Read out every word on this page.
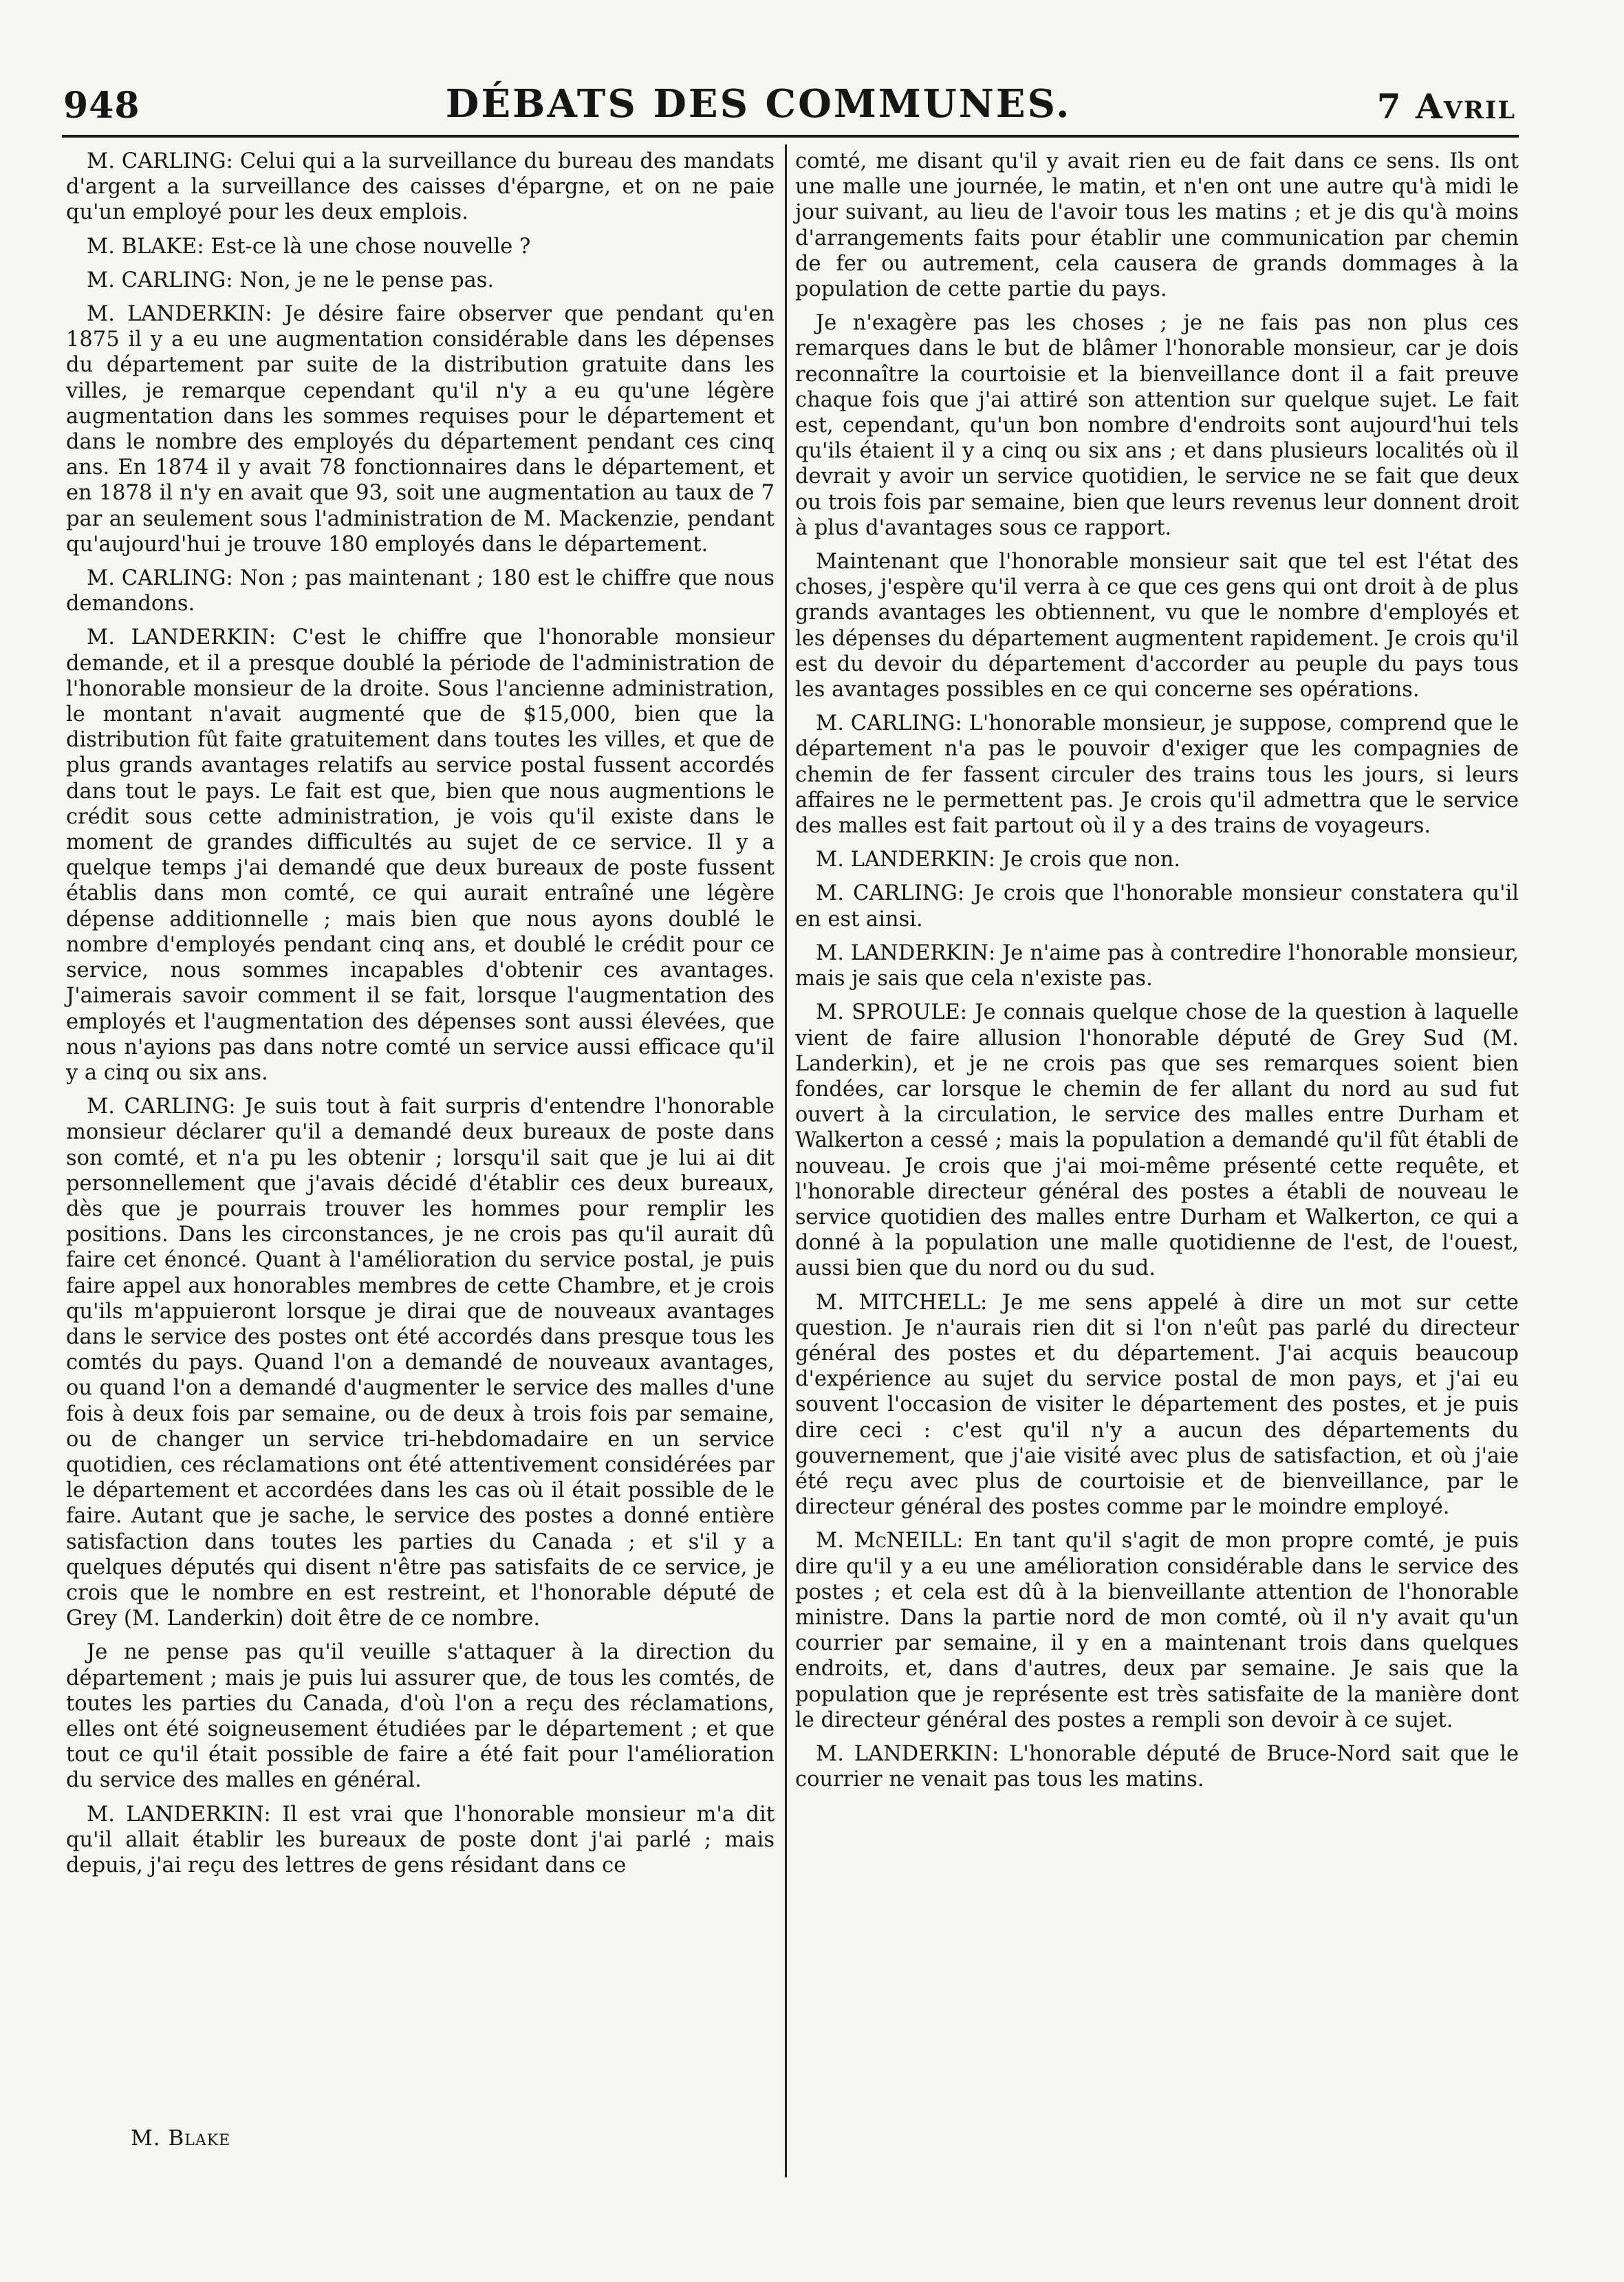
948	DÉBATS DES COMMUNES.	7 Avril

M. CARLING: Celui qui a la surveillance du bureau des mandats d'argent a la surveillance des caisses d'épargne, et on ne paie qu'un employé pour les deux emplois.

M. BLAKE: Est-ce là une chose nouvelle ?

M. CARLING: Non, je ne le pense pas.

M. LANDERKIN: Je désire faire observer que pendant qu'en 1875 il y a eu une augmentation considérable dans les dépenses du département par suite de la distribution gratuite dans les villes, je remarque cependant qu'il n'y a eu qu'une légère augmentation dans les sommes requises pour le département et dans le nombre des employés du département pendant ces cinq ans. En 1874 il y avait 78 fonctionnaires dans le département, et en 1878 il n'y en avait que 93, soit une augmentation au taux de 7 par an seulement sous l'administration de M. Mackenzie, pendant qu'aujourd'hui je trouve 180 employés dans le département.

M. CARLING: Non ; pas maintenant ; 180 est le chiffre que nous demandons.

M. LANDERKIN: C'est le chiffre que l'honorable monsieur demande, et il a presque doublé la période de l'administration de l'honorable monsieur de la droite. Sous l'ancienne administration, le montant n'avait augmenté que de $15,000, bien que la distribution fût faite gratuitement dans toutes les villes, et que de plus grands avantages relatifs au service postal fussent accordés dans tout le pays. Le fait est que, bien que nous augmentions le crédit sous cette administration, je vois qu'il existe dans le moment de grandes difficultés au sujet de ce service. Il y a quelque temps j'ai demandé que deux bureaux de poste fussent établis dans mon comté, ce qui aurait entraîné une légère dépense additionnelle ; mais bien que nous ayons doublé le nombre d'employés pendant cinq ans, et doublé le crédit pour ce service, nous sommes incapables d'obtenir ces avantages. J'aimerais savoir comment il se fait, lorsque l'augmentation des employés et l'augmentation des dépenses sont aussi élevées, que nous n'ayions pas dans notre comté un service aussi efficace qu'il y a cinq ou six ans.

M. CARLING: Je suis tout à fait surpris d'entendre l'honorable monsieur déclarer qu'il a demandé deux bureaux de poste dans son comté, et n'a pu les obtenir ; lorsqu'il sait que je lui ai dit personnellement que j'avais décidé d'établir ces deux bureaux, dès que je pourrais trouver les hommes pour remplir les positions. Dans les circonstances, je ne crois pas qu'il aurait dû faire cet énoncé. Quant à l'amélioration du service postal, je puis faire appel aux honorables membres de cette Chambre, et je crois qu'ils m'appuieront lorsque je dirai que de nouveaux avantages dans le service des postes ont été accordés dans presque tous les comtés du pays. Quand l'on a demandé de nouveaux avantages, ou quand l'on a demandé d'augmenter le service des malles d'une fois à deux fois par semaine, ou de deux à trois fois par semaine, ou de changer un service tri-hebdomadaire en un service quotidien, ces réclamations ont été attentivement considérées par le département et accordées dans les cas où il était possible de le faire. Autant que je sache, le service des postes a donné entière satisfaction dans toutes les parties du Canada ; et s'il y a quelques députés qui disent n'être pas satisfaits de ce service, je crois que le nombre en est restreint, et l'honorable député de Grey (M. Landerkin) doit être de ce nombre.

Je ne pense pas qu'il veuille s'attaquer à la direction du département ; mais je puis lui assurer que, de tous les comtés, de toutes les parties du Canada, d'où l'on a reçu des réclamations, elles ont été soigneusement étudiées par le département ; et que tout ce qu'il était possible de faire a été fait pour l'amélioration du service des malles en général.

M. LANDERKIN: Il est vrai que l'honorable monsieur m'a dit qu'il allait établir les bureaux de poste dont j'ai parlé ; mais depuis, j'ai reçu des lettres de gens résidant dans ce

comté, me disant qu'il y avait rien eu de fait dans ce sens. Ils ont une malle une journée, le matin, et n'en ont une autre qu'à midi le jour suivant, au lieu de l'avoir tous les matins ; et je dis qu'à moins d'arrangements faits pour établir une communication par chemin de fer ou autrement, cela causera de grands dommages à la population de cette partie du pays.

Je n'exagère pas les choses ; je ne fais pas non plus ces remarques dans le but de blâmer l'honorable monsieur, car je dois reconnaître la courtoisie et la bienveillance dont il a fait preuve chaque fois que j'ai attiré son attention sur quelque sujet. Le fait est, cependant, qu'un bon nombre d'endroits sont aujourd'hui tels qu'ils étaient il y a cinq ou six ans ; et dans plusieurs localités où il devrait y avoir un service quotidien, le service ne se fait que deux ou trois fois par semaine, bien que leurs revenus leur donnent droit à plus d'avantages sous ce rapport.

Maintenant que l'honorable monsieur sait que tel est l'état des choses, j'espère qu'il verra à ce que ces gens qui ont droit à de plus grands avantages les obtiennent, vu que le nombre d'employés et les dépenses du département augmentent rapidement. Je crois qu'il est du devoir du département d'accorder au peuple du pays tous les avantages possibles en ce qui concerne ses opérations.

M. CARLING: L'honorable monsieur, je suppose, comprend que le département n'a pas le pouvoir d'exiger que les compagnies de chemin de fer fassent circuler des trains tous les jours, si leurs affaires ne le permettent pas. Je crois qu'il admettra que le service des malles est fait partout où il y a des trains de voyageurs.

M. LANDERKIN: Je crois que non.

M. CARLING: Je crois que l'honorable monsieur constatera qu'il en est ainsi.

M. LANDERKIN: Je n'aime pas à contredire l'honorable monsieur, mais je sais que cela n'existe pas.

M. SPROULE: Je connais quelque chose de la question à laquelle vient de faire allusion l'honorable député de Grey Sud (M. Landerkin), et je ne crois pas que ses remarques soient bien fondées, car lorsque le chemin de fer allant du nord au sud fut ouvert à la circulation, le service des malles entre Durham et Walkerton a cessé ; mais la population a demandé qu'il fût établi de nouveau. Je crois que j'ai moi-même présenté cette requête, et l'honorable directeur général des postes a établi de nouveau le service quotidien des malles entre Durham et Walkerton, ce qui a donné à la population une malle quotidienne de l'est, de l'ouest, aussi bien que du nord ou du sud.

M. MITCHELL: Je me sens appelé à dire un mot sur cette question. Je n'aurais rien dit si l'on n'eût pas parlé du directeur général des postes et du département. J'ai acquis beaucoup d'expérience au sujet du service postal de mon pays, et j'ai eu souvent l'occasion de visiter le département des postes, et je puis dire ceci : c'est qu'il n'y a aucun des départements du gouvernement, que j'aie visité avec plus de satisfaction, et où j'aie été reçu avec plus de courtoisie et de bienveillance, par le directeur général des postes comme par le moindre employé.

M. McNEILL: En tant qu'il s'agit de mon propre comté, je puis dire qu'il y a eu une amélioration considérable dans le service des postes ; et cela est dû à la bienveillante attention de l'honorable ministre. Dans la partie nord de mon comté, où il n'y avait qu'un courrier par semaine, il y en a maintenant trois dans quelques endroits, et, dans d'autres, deux par semaine. Je sais que la population que je représente est très satisfaite de la manière dont le directeur général des postes a rempli son devoir à ce sujet.

M. LANDERKIN: L'honorable député de Bruce-Nord sait que le courrier ne venait pas tous les matins.

M. Blake
